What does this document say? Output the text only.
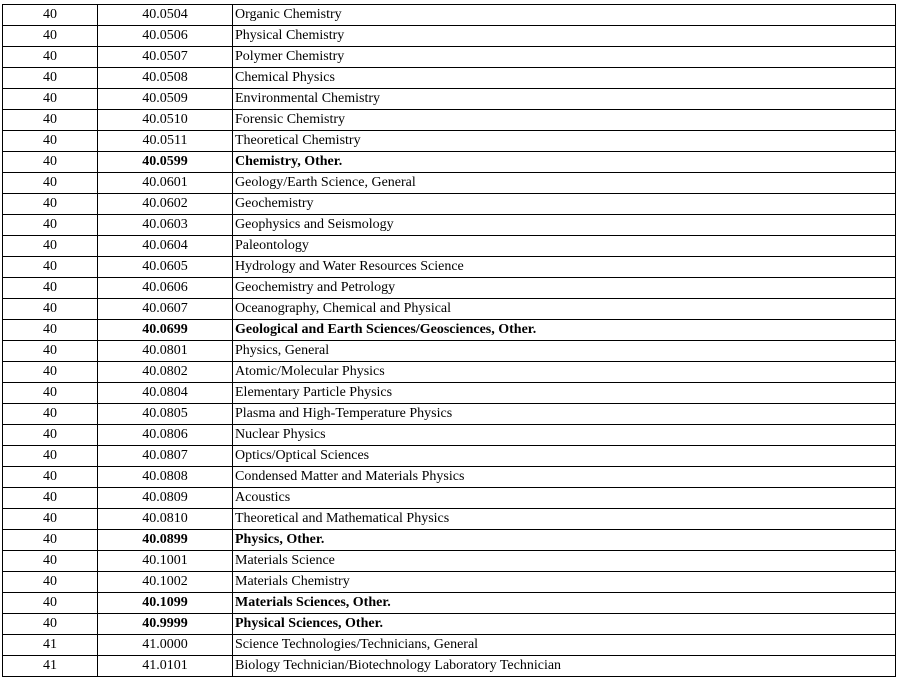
40	40.0504	Organic Chemistry
40	40.0506	Physical Chemistry
40	40.0507	Polymer Chemistry
40	40.0508	Chemical Physics
40	40.0509	Environmental Chemistry
40	40.0510	Forensic Chemistry
40	40.0511	Theoretical Chemistry
40	40.0599	Chemistry, Other.
40	40.0601	Geology/Earth Science, General
40	40.0602	Geochemistry
40	40.0603	Geophysics and Seismology
40	40.0604	Paleontology
40	40.0605	Hydrology and Water Resources Science
40	40.0606	Geochemistry and Petrology
40	40.0607	Oceanography, Chemical and Physical
40	40.0699	Geological and Earth Sciences/Geosciences, Other.
40	40.0801	Physics, General
40	40.0802	Atomic/Molecular Physics
40	40.0804	Elementary Particle Physics
40	40.0805	Plasma and High-Temperature Physics
40	40.0806	Nuclear Physics
40	40.0807	Optics/Optical Sciences
40	40.0808	Condensed Matter and Materials Physics
40	40.0809	Acoustics
40	40.0810	Theoretical and Mathematical Physics
40	40.0899	Physics, Other.
40	40.1001	Materials Science
40	40.1002	Materials Chemistry
40	40.1099	Materials Sciences, Other.
40	40.9999	Physical Sciences, Other.
41	41.0000	Science Technologies/Technicians, General
41	41.0101	Biology Technician/Biotechnology Laboratory Technician
